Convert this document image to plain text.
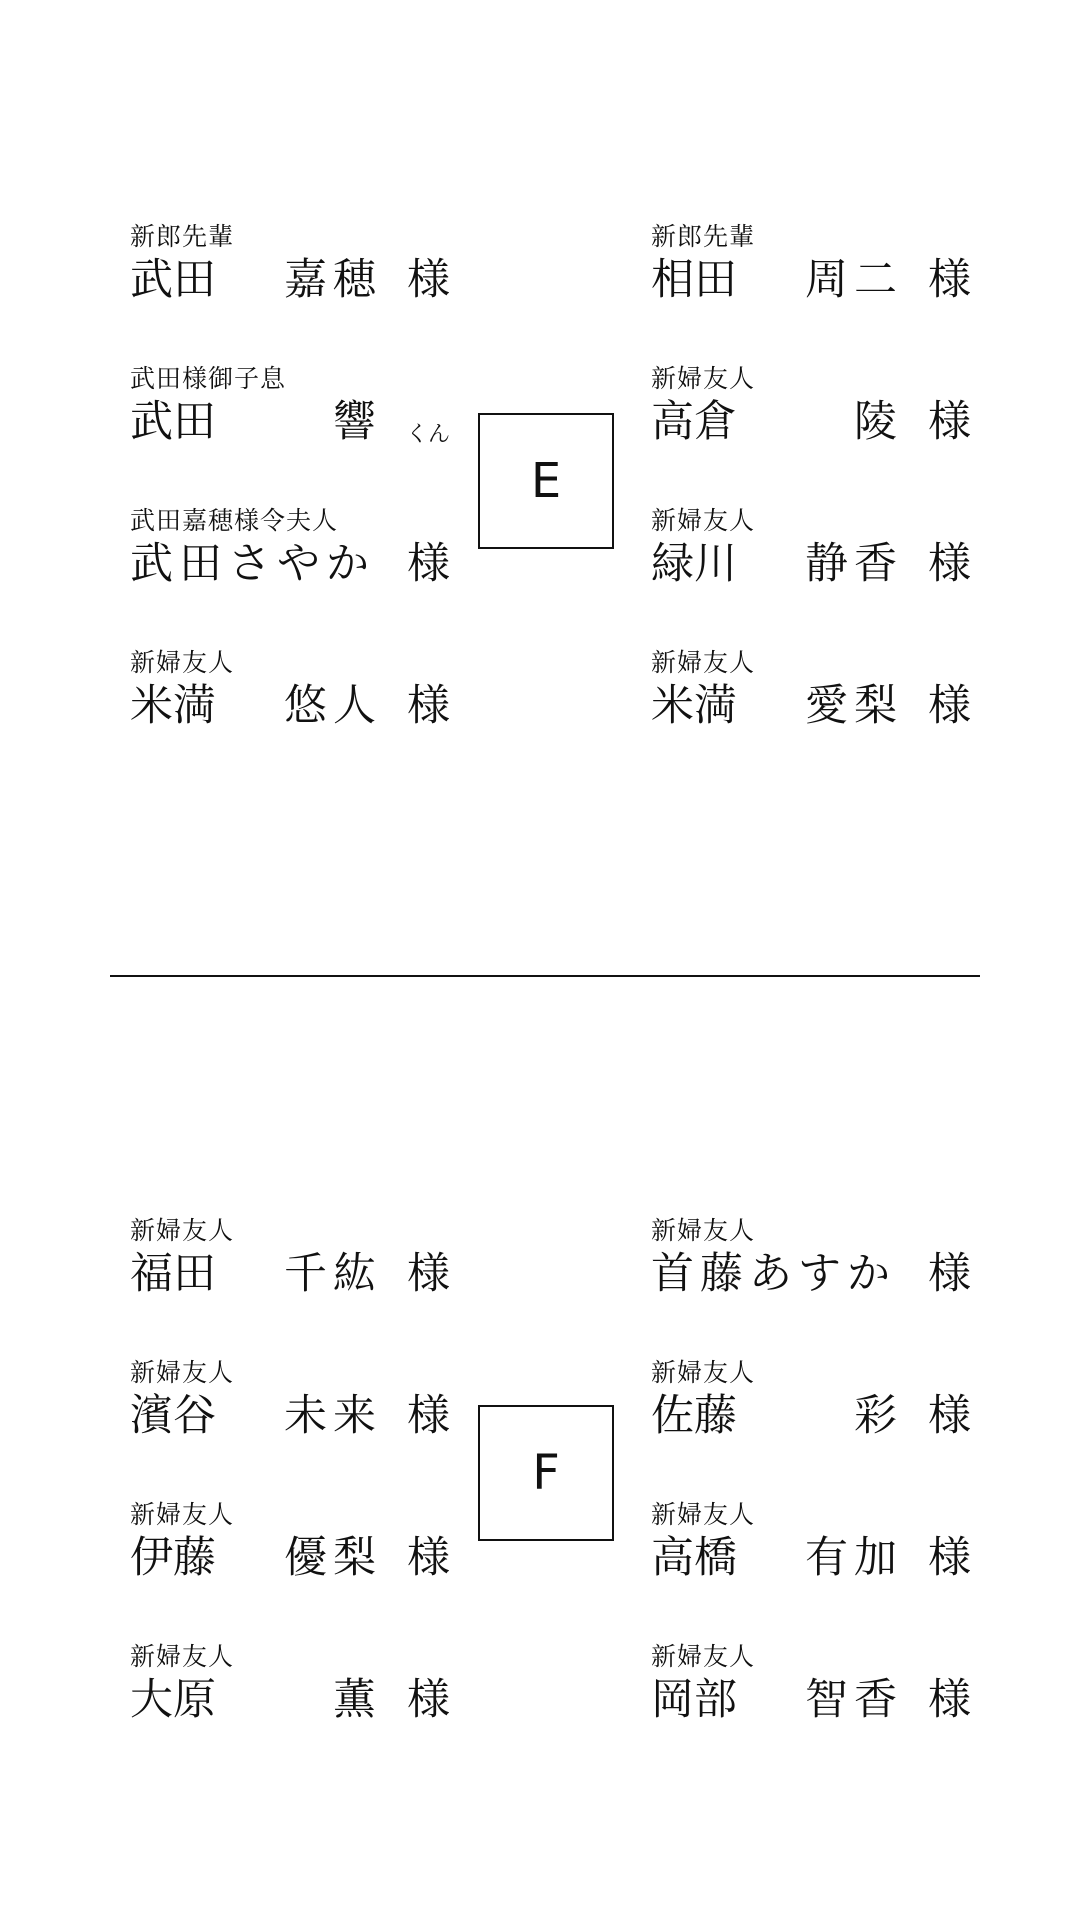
新郎先輩
武田 嘉穂 様
武田様御子息
武田	響 くん
武田嘉穂様令夫人
武田さやか 様
新婦友人
米満 悠人 様
新郎先輩
相田 周二 様
新婦友人
高倉	陵 様
新婦友人
緑川 静香 様
新婦友人
米満 愛梨 様
E
新婦友人
福田 千紘 様
新婦友人
濱谷 未来 様
新婦友人
伊藤 優梨 様
新婦友人
大原	薫 様
新婦友人
首藤あすか 様
新婦友人
佐藤	彩 様
新婦友人
高橋 有加 様
新婦友人
岡部 智香 様
F
